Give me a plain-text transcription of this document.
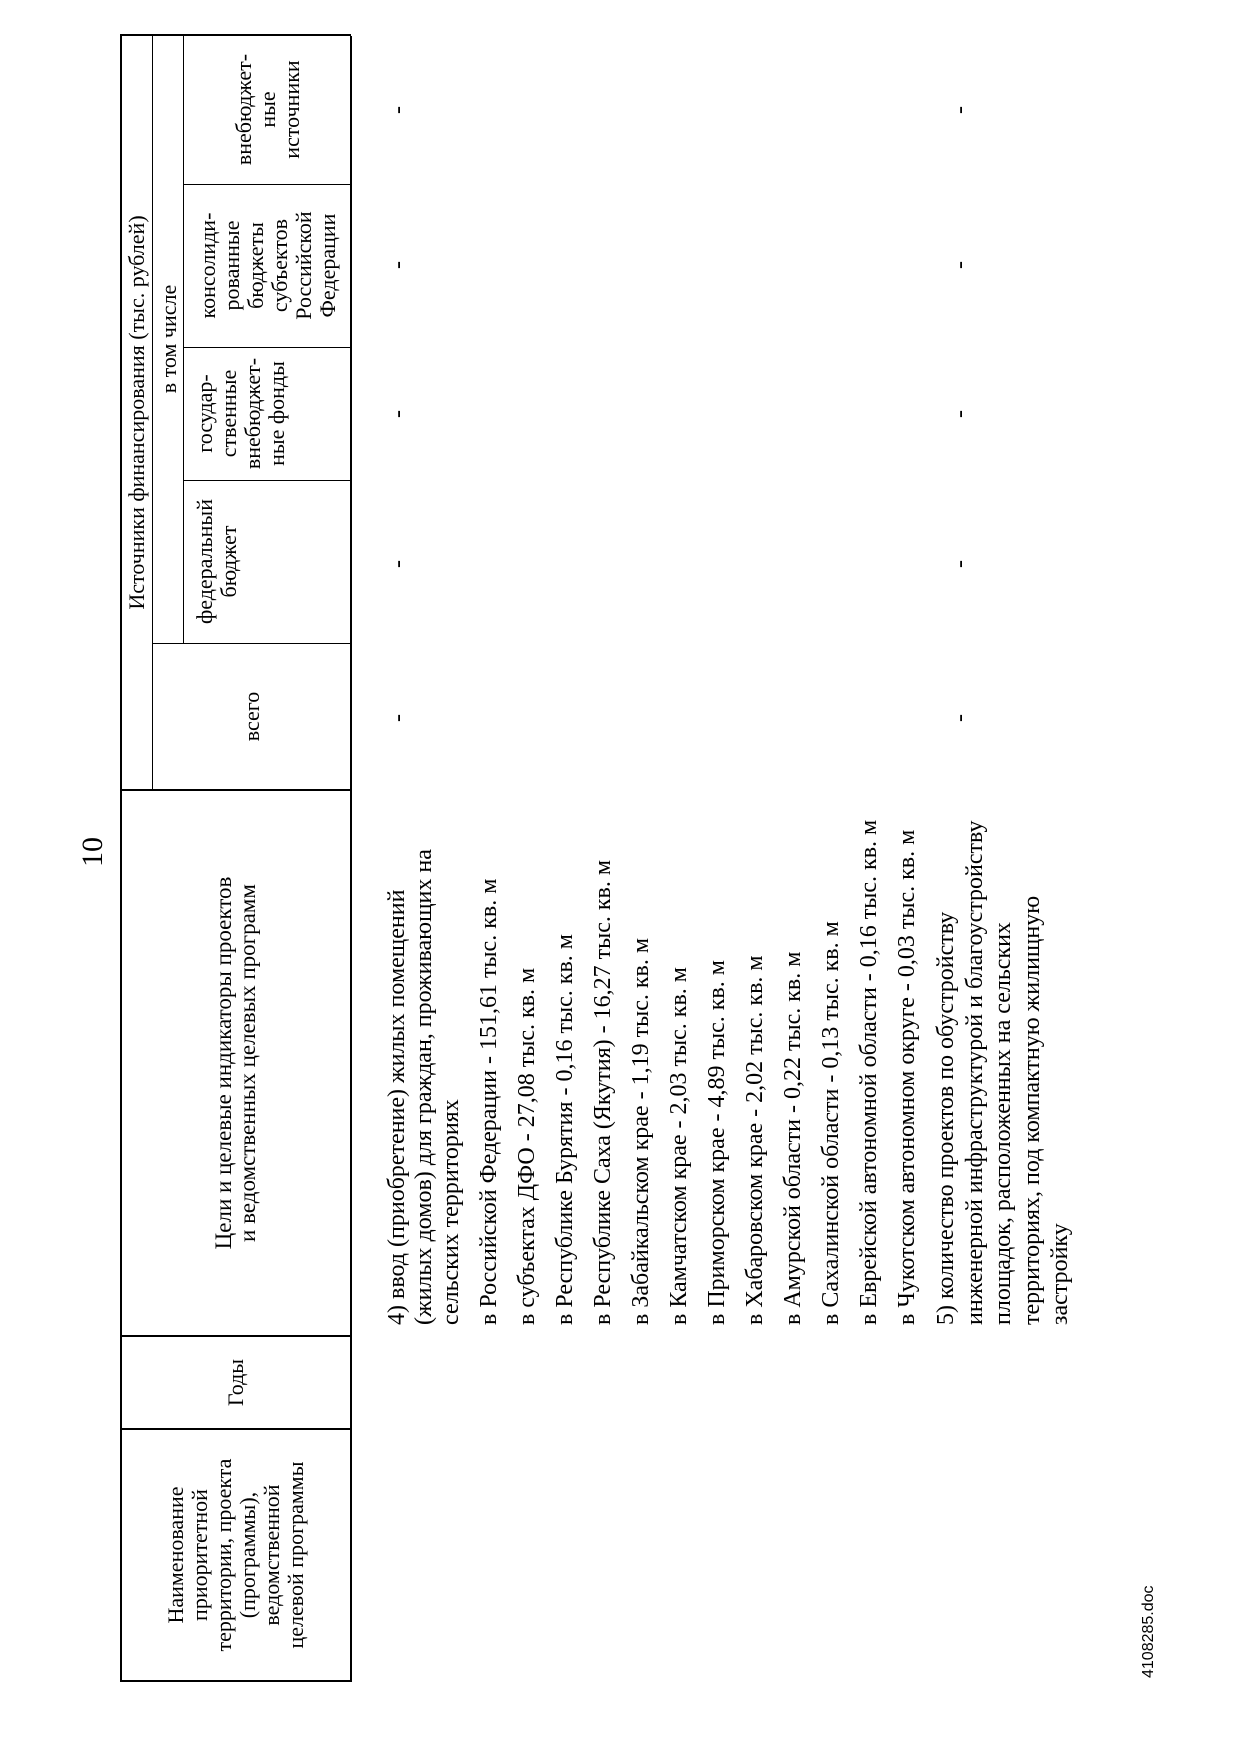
10
Наименование приоритетной территории, проекта (программы), ведомственной целевой программы
Годы
Цели и целевые индикаторы проектов и ведомственных целевых программ
Источники финансирования (тыс. рублей)
всего
в том числе
федеральный бюджет
государ- ственные внебюджет- ные фонды
консолиди- рованные бюджеты субъектов Российской Федерации
внебюджет- ные источники
4) ввод (приобретение) жилых помещений (жилых домов) для граждан, проживающих на сельских территориях в Российской Федерации - 151,61 тыс. кв. м в субъектах ДФО - 27,08 тыс. кв. м в Республике Бурятия - 0,16 тыс. кв. м в Республике Саха (Якутия) - 16,27 тыс. кв. м в Забайкальском крае - 1,19 тыс. кв. м в Камчатском крае - 2,03 тыс. кв. м в Приморском крае - 4,89 тыс. кв. м в Хабаровском крае - 2,02 тыс. кв. м в Амурской области - 0,22 тыс. кв. м в Сахалинской области - 0,13 тыс. кв. м в Еврейской автономной области - 0,16 тыс. кв. м в Чукотском автономном округе - 0,03 тыс. кв. м 5) количество проектов по обустройству инженерной инфраструктурой и благоустройству площадок, расположенных на сельских территориях, под компактную жилищную застройку
-
-
-
-
-
-
-
-
-
-
4108285.doc
